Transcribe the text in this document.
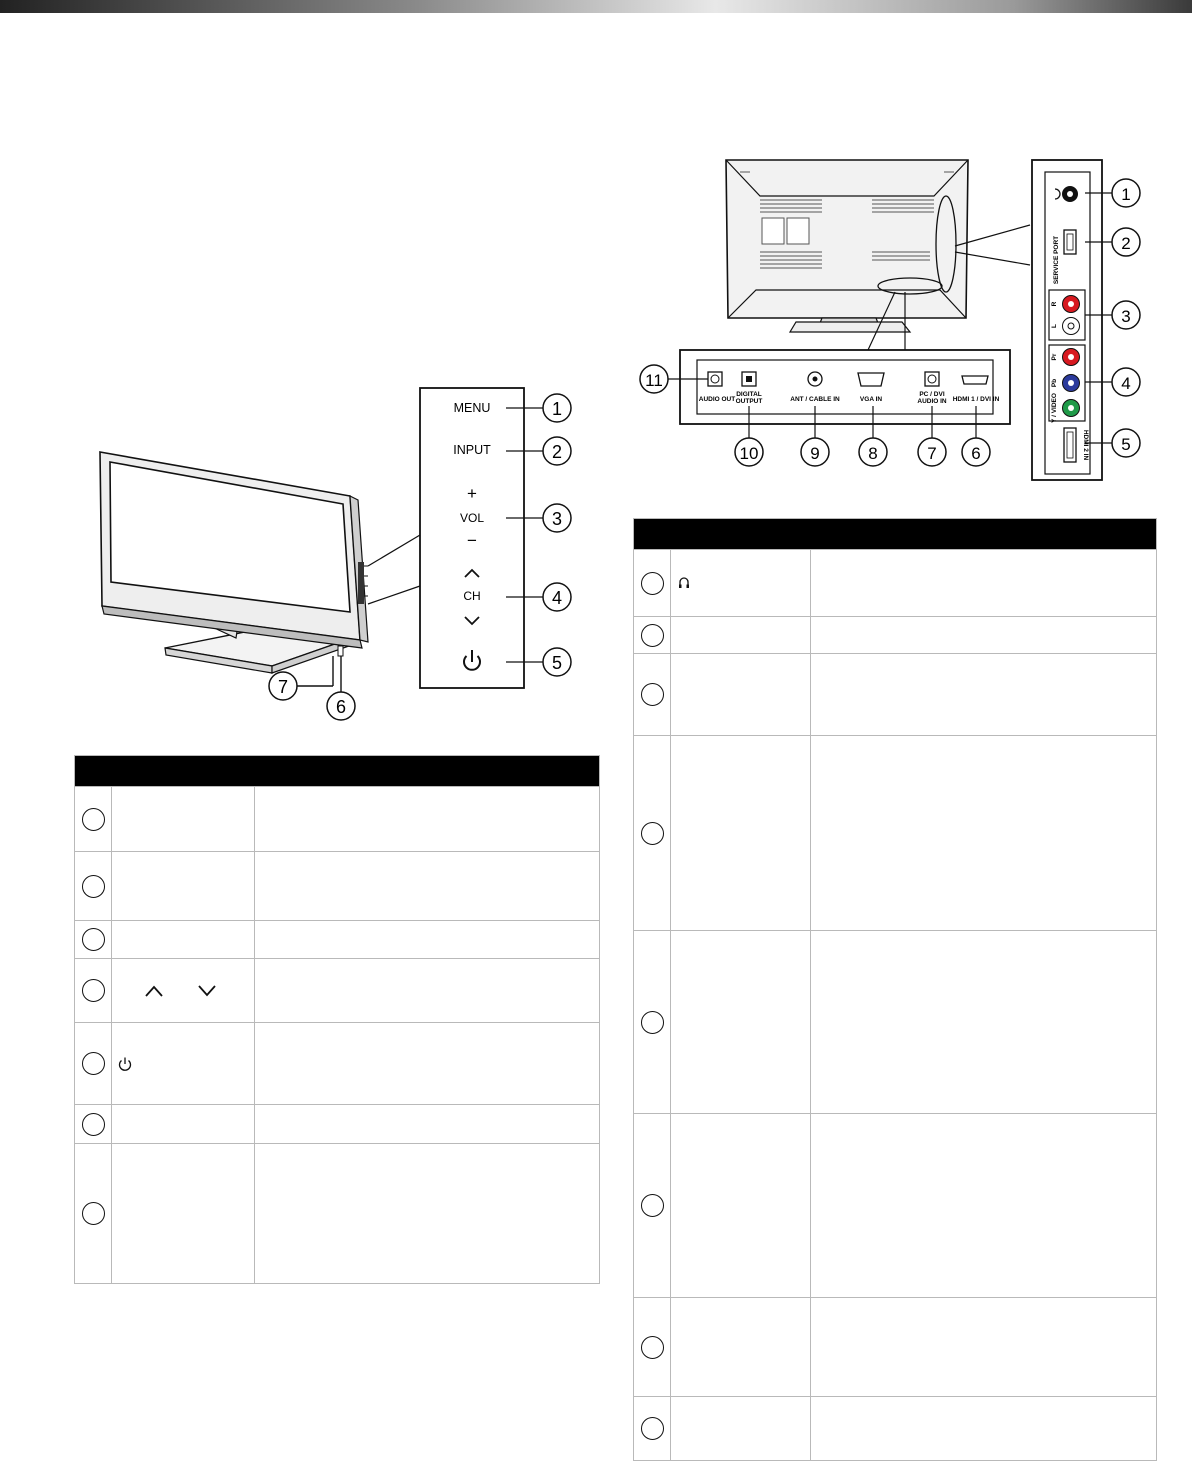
MENU
INPUT
+
VOL
−
CH
1
2
3
4
5
7
6
AUDIO OUT
DIGITAL
OUTPUT	ANT / CABLE IN	VGA IN
PC / DVI
AUDIO IN HDMI 1 / DVI IN
11
10	9	8	7 6
SERVICE PORT
R
L
Pr
Pb
Y / VIDEO
HDMI 2 IN
1
2
3
4
5
